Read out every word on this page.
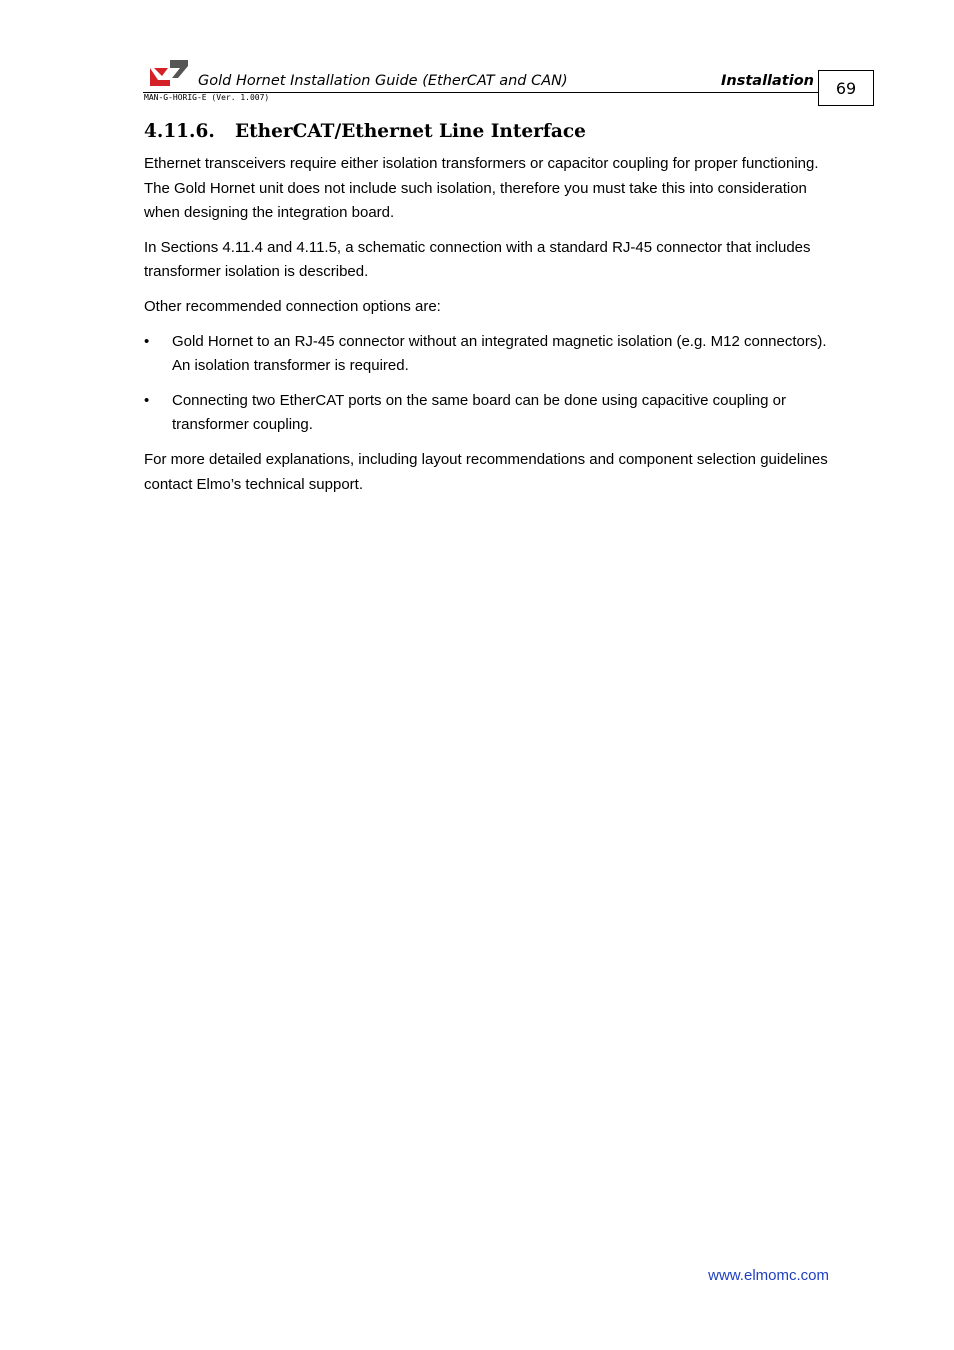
Gold Hornet Installation Guide (EtherCAT and CAN)	Installation
MAN-G-HORIG-E (Ver. 1.007)	69
4.11.6. EtherCAT/Ethernet Line Interface

Ethernet transceivers require either isolation transformers or capacitor coupling for proper functioning. The Gold Hornet unit does not include such isolation, therefore you must take this into consideration when designing the integration board.

In Sections 4.11.4 and 4.11.5, a schematic connection with a standard RJ-45 connector that includes transformer isolation is described.

Other recommended connection options are:

•	Gold Hornet to an RJ-45 connector without an integrated magnetic isolation (e.g. M12 connectors). An isolation transformer is required.
•	Connecting two EtherCAT ports on the same board can be done using capacitive coupling or transformer coupling.

For more detailed explanations, including layout recommendations and component selection guidelines contact Elmo’s technical support.

www.elmomc.com
